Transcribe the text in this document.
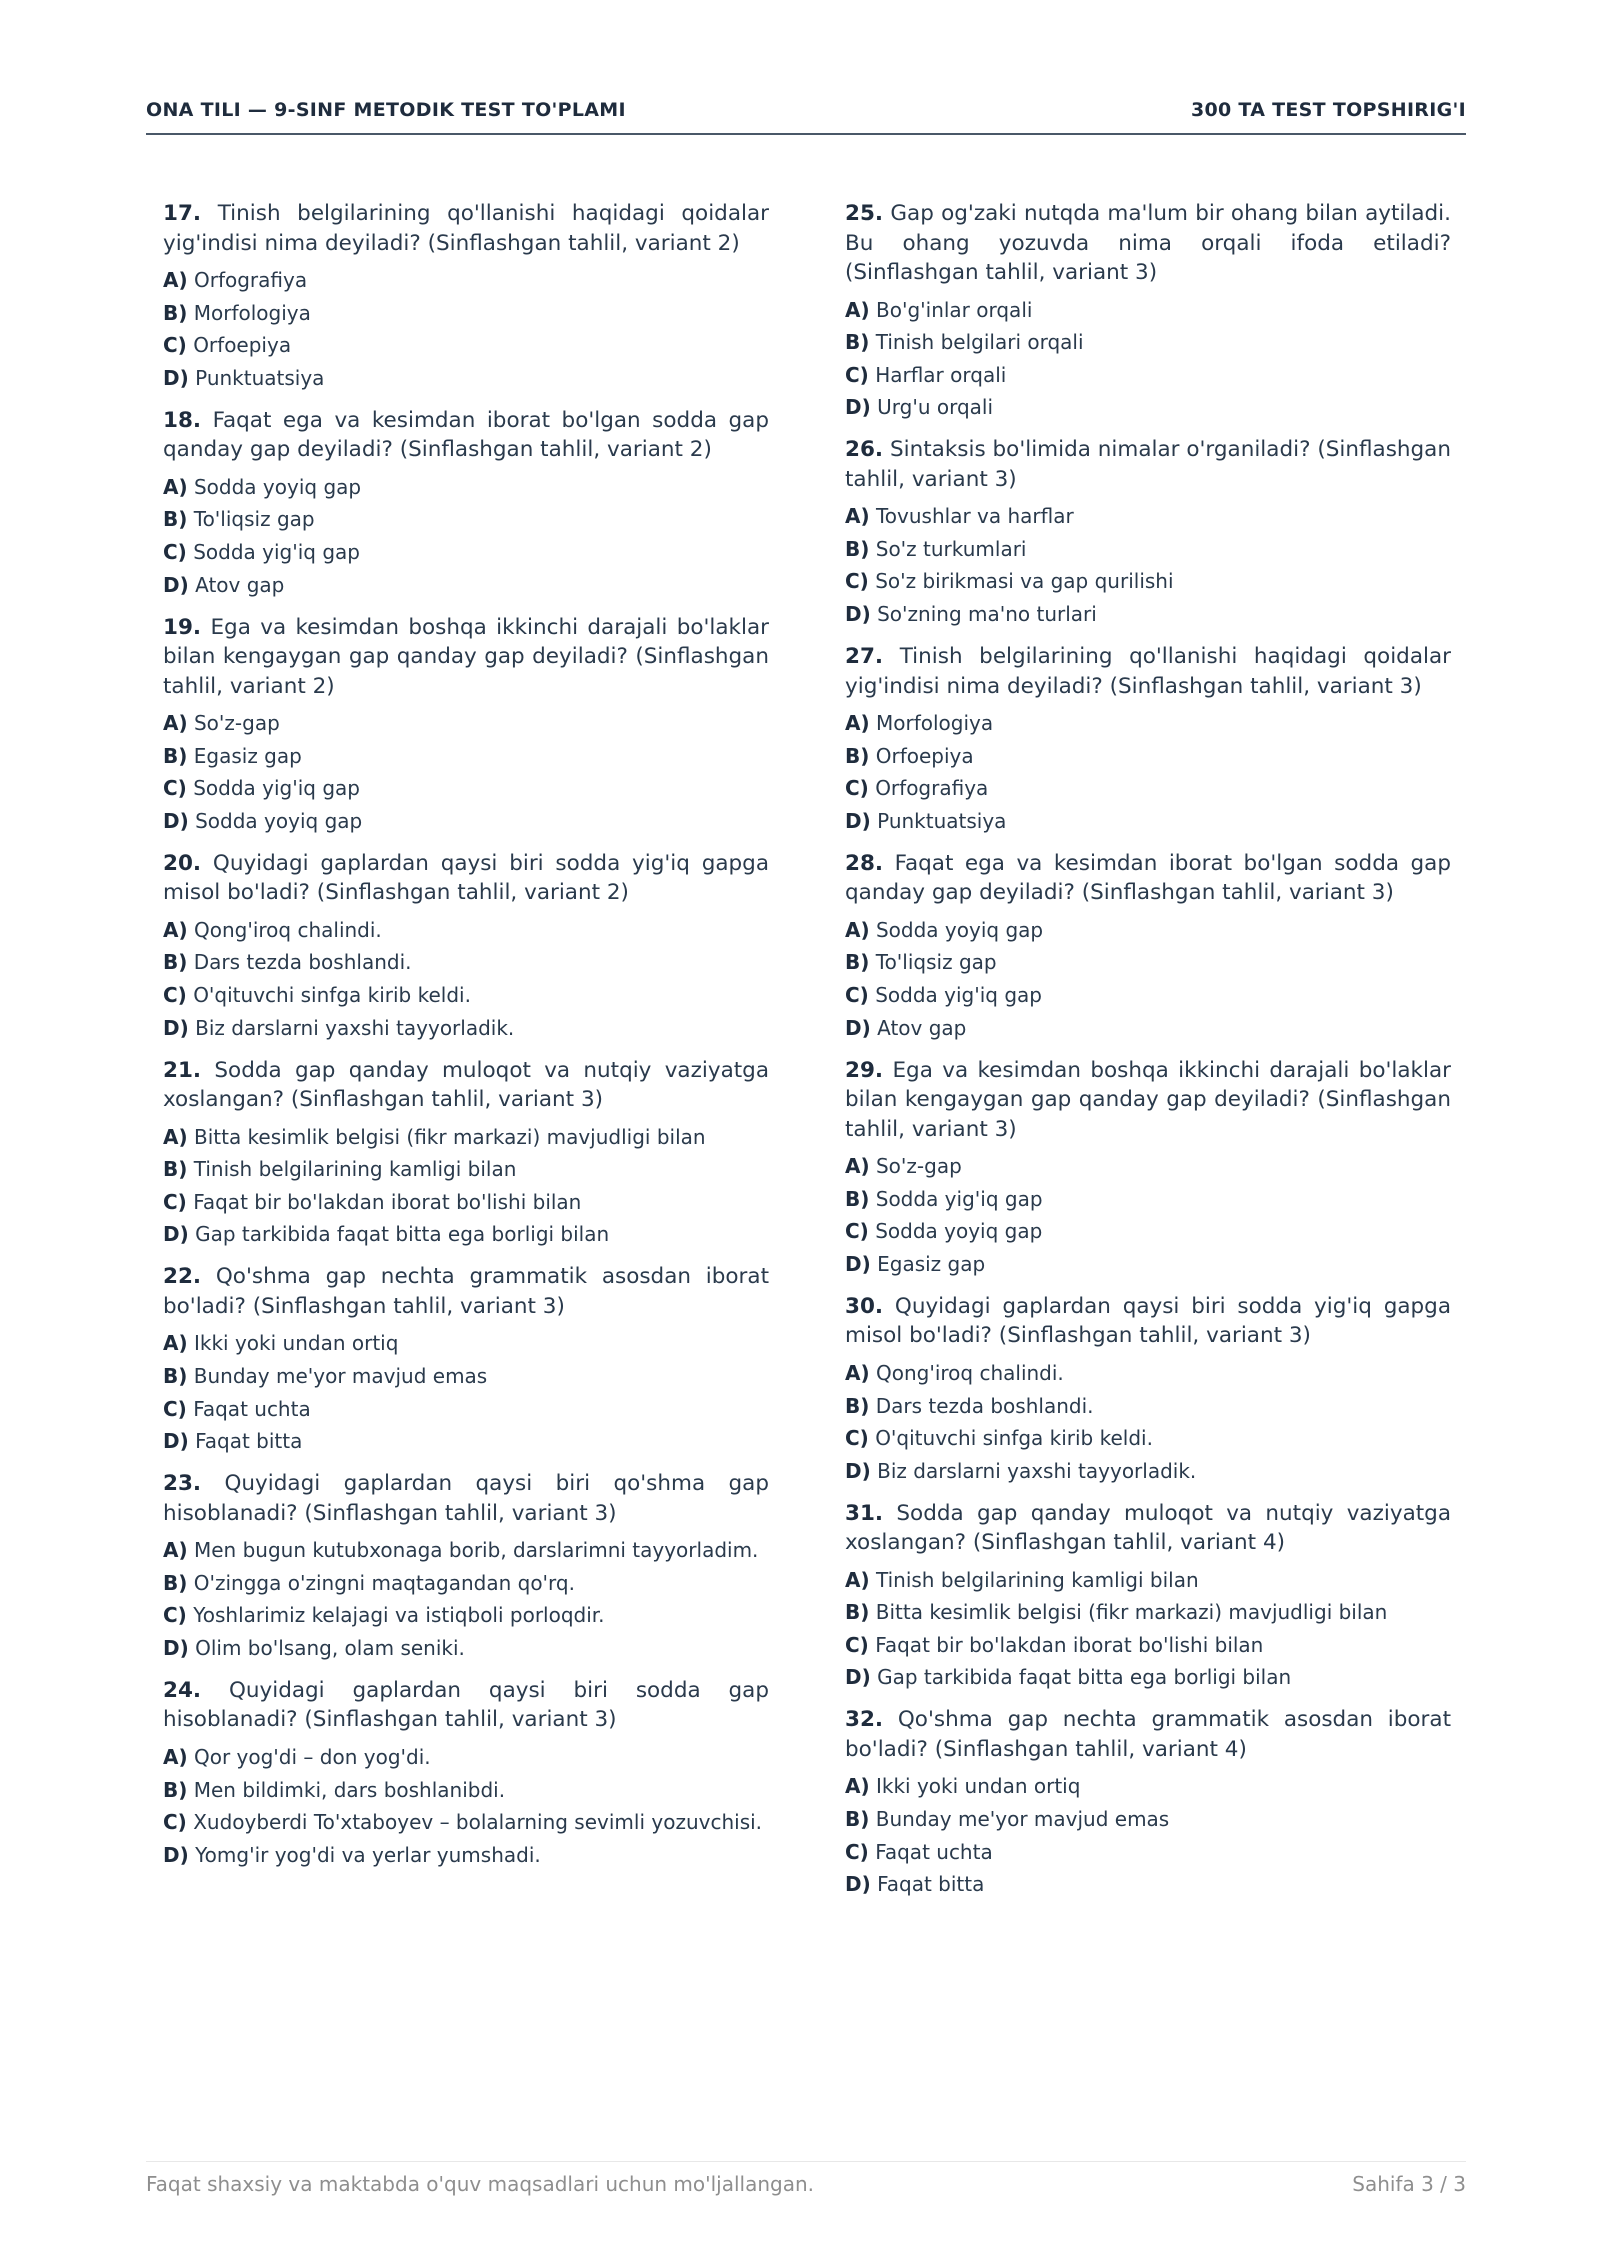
ONA TILI — 9-SINF METODIK TEST TO'PLAMI	300 TA TEST TOPSHIRIG'I
17. Tinish belgilarining qo'llanishi haqidagi qoidalar yig'indisi nima deyiladi? (Sinflashgan tahlil, variant 2)
A) Orfografiya
B) Morfologiya
C) Orfoepiya
D) Punktuatsiya
18. Faqat ega va kesimdan iborat bo'lgan sodda gap qanday gap deyiladi? (Sinflashgan tahlil, variant 2)
A) Sodda yoyiq gap
B) To'liqsiz gap
C) Sodda yig'iq gap
D) Atov gap
19. Ega va kesimdan boshqa ikkinchi darajali bo'laklar bilan kengaygan gap qanday gap deyiladi? (Sinflashgan tahlil, variant 2)
A) So'z-gap
B) Egasiz gap
C) Sodda yig'iq gap
D) Sodda yoyiq gap
20. Quyidagi gaplardan qaysi biri sodda yig'iq gapga misol bo'ladi? (Sinflashgan tahlil, variant 2)
A) Qong'iroq chalindi.
B) Dars tezda boshlandi.
C) O'qituvchi sinfga kirib keldi.
D) Biz darslarni yaxshi tayyorladik.
21. Sodda gap qanday muloqot va nutqiy vaziyatga xoslangan? (Sinflashgan tahlil, variant 3)
A) Bitta kesimlik belgisi (fikr markazi) mavjudligi bilan
B) Tinish belgilarining kamligi bilan
C) Faqat bir bo'lakdan iborat bo'lishi bilan
D) Gap tarkibida faqat bitta ega borligi bilan
22. Qo'shma gap nechta grammatik asosdan iborat bo'ladi? (Sinflashgan tahlil, variant 3)
A) Ikki yoki undan ortiq
B) Bunday me'yor mavjud emas
C) Faqat uchta
D) Faqat bitta
23. Quyidagi gaplardan qaysi biri qo'shma gap hisoblanadi? (Sinflashgan tahlil, variant 3)
A) Men bugun kutubxonaga borib, darslarimni tayyorladim.
B) O'zingga o'zingni maqtagandan qo'rq.
C) Yoshlarimiz kelajagi va istiqboli porloqdir.
D) Olim bo'lsang, olam seniki.
24. Quyidagi gaplardan qaysi biri sodda gap hisoblanadi? (Sinflashgan tahlil, variant 3)
A) Qor yog'di – don yog'di.
B) Men bildimki, dars boshlanibdi.
C) Xudoyberdi To'xtaboyev – bolalarning sevimli yozuvchisi.
D) Yomg'ir yog'di va yerlar yumshadi.
25. Gap og'zaki nutqda ma'lum bir ohang bilan aytiladi. Bu ohang yozuvda nima orqali ifoda etiladi? (Sinflashgan tahlil, variant 3)
A) Bo'g'inlar orqali
B) Tinish belgilari orqali
C) Harflar orqali
D) Urg'u orqali
26. Sintaksis bo'limida nimalar o'rganiladi? (Sinflashgan tahlil, variant 3)
A) Tovushlar va harflar
B) So'z turkumlari
C) So'z birikmasi va gap qurilishi
D) So'zning ma'no turlari
27. Tinish belgilarining qo'llanishi haqidagi qoidalar yig'indisi nima deyiladi? (Sinflashgan tahlil, variant 3)
A) Morfologiya
B) Orfoepiya
C) Orfografiya
D) Punktuatsiya
28. Faqat ega va kesimdan iborat bo'lgan sodda gap qanday gap deyiladi? (Sinflashgan tahlil, variant 3)
A) Sodda yoyiq gap
B) To'liqsiz gap
C) Sodda yig'iq gap
D) Atov gap
29. Ega va kesimdan boshqa ikkinchi darajali bo'laklar bilan kengaygan gap qanday gap deyiladi? (Sinflashgan tahlil, variant 3)
A) So'z-gap
B) Sodda yig'iq gap
C) Sodda yoyiq gap
D) Egasiz gap
30. Quyidagi gaplardan qaysi biri sodda yig'iq gapga misol bo'ladi? (Sinflashgan tahlil, variant 3)
A) Qong'iroq chalindi.
B) Dars tezda boshlandi.
C) O'qituvchi sinfga kirib keldi.
D) Biz darslarni yaxshi tayyorladik.
31. Sodda gap qanday muloqot va nutqiy vaziyatga xoslangan? (Sinflashgan tahlil, variant 4)
A) Tinish belgilarining kamligi bilan
B) Bitta kesimlik belgisi (fikr markazi) mavjudligi bilan
C) Faqat bir bo'lakdan iborat bo'lishi bilan
D) Gap tarkibida faqat bitta ega borligi bilan
32. Qo'shma gap nechta grammatik asosdan iborat bo'ladi? (Sinflashgan tahlil, variant 4)
A) Ikki yoki undan ortiq
B) Bunday me'yor mavjud emas
C) Faqat uchta
D) Faqat bitta
Faqat shaxsiy va maktabda o'quv maqsadlari uchun mo'ljallangan.	Sahifa 3 / 3
